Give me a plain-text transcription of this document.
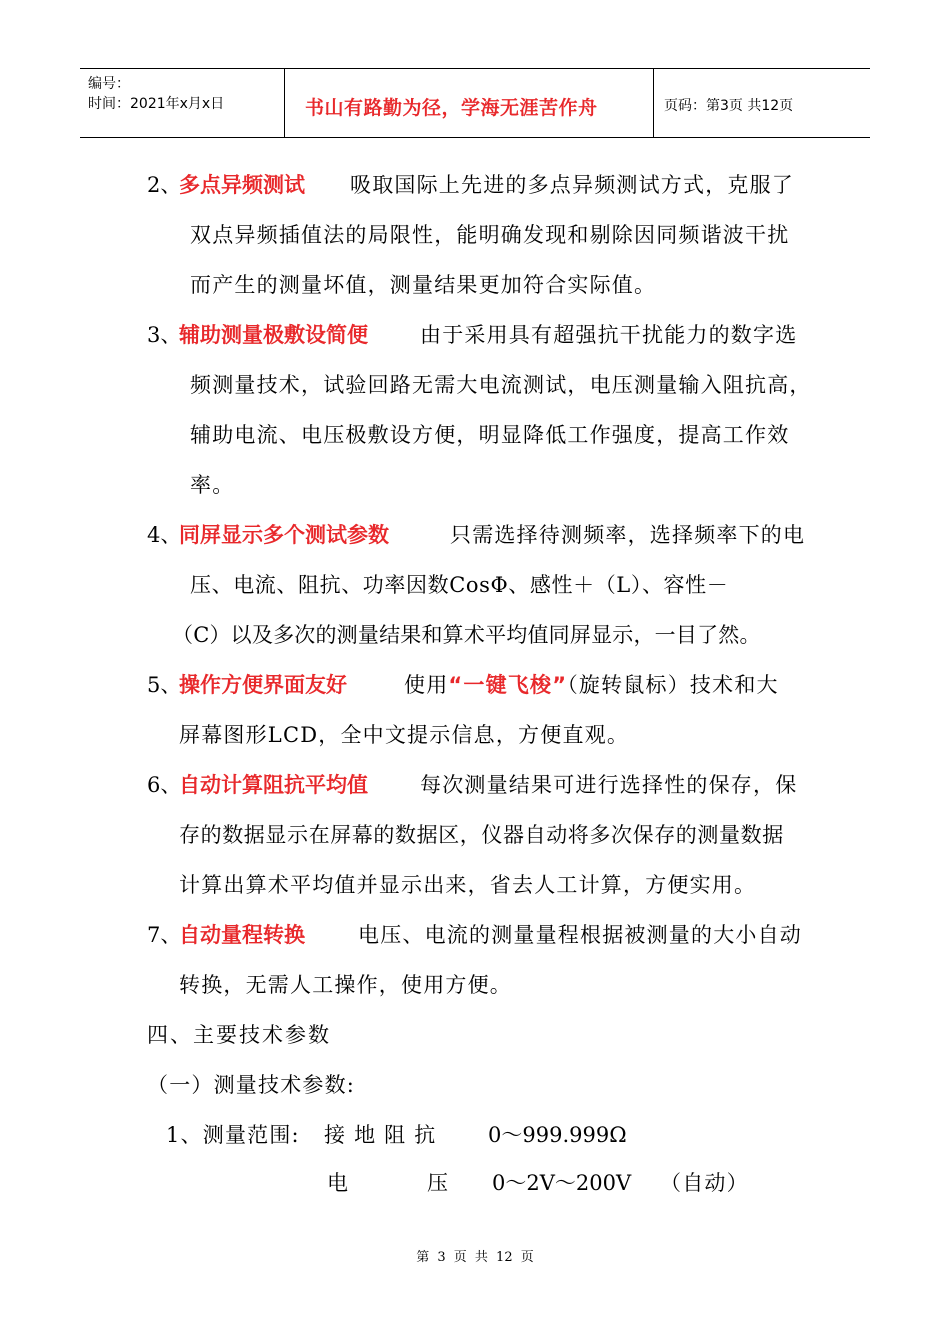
编号：
时间：2021年x月x日	书山有路勤为径，学海无涯苦作舟	页码：第3页 共12页
2、
多点异频测试 吸取国际上先进的多点异频测试方式，克服了
双点异频插值法的局限性，能明确发现和剔除因同频谐波干扰
而产生的测量坏值，测量结果更加符合实际值。
3、
辅助测量极敷设简便 由于采用具有超强抗干扰能力的数字选
频测量技术，试验回路无需大电流测试，电压测量输入阻抗高，
辅助电流、电压极敷设方便，明显降低工作强度，提高工作效
率。
4、
同屏显示多个测试参数	只需选择待测频率，选择频率下的电
压、电流、阻抗、功率因数CosΦ、感性＋（L）、容性－
（C）以及多次的测量结果和算术平均值同屏显示，一目了然。
5、
操作方便界面友好	使用“一键飞梭”（旋转鼠标）技术和大
屏幕图形LCD，全中文提示信息，方便直观。
6、
自动计算阻抗平均值 每次测量结果可进行选择性的保存，保
存的数据显示在屏幕的数据区，仪器自动将多次保存的测量数据
计算出算术平均值并显示出来，省去人工计算，方便实用。
7、
自动量程转换	电压、电流的测量量程根据被测量的大小自动
转换，无需人工操作，使用方便。
四、主要技术参数
（一）测量技术参数:
1、测量范围: 接 地 阻 抗 0～999.999Ω
电	压 0～2V～200V （自动）
第 3 页 共 12 页
